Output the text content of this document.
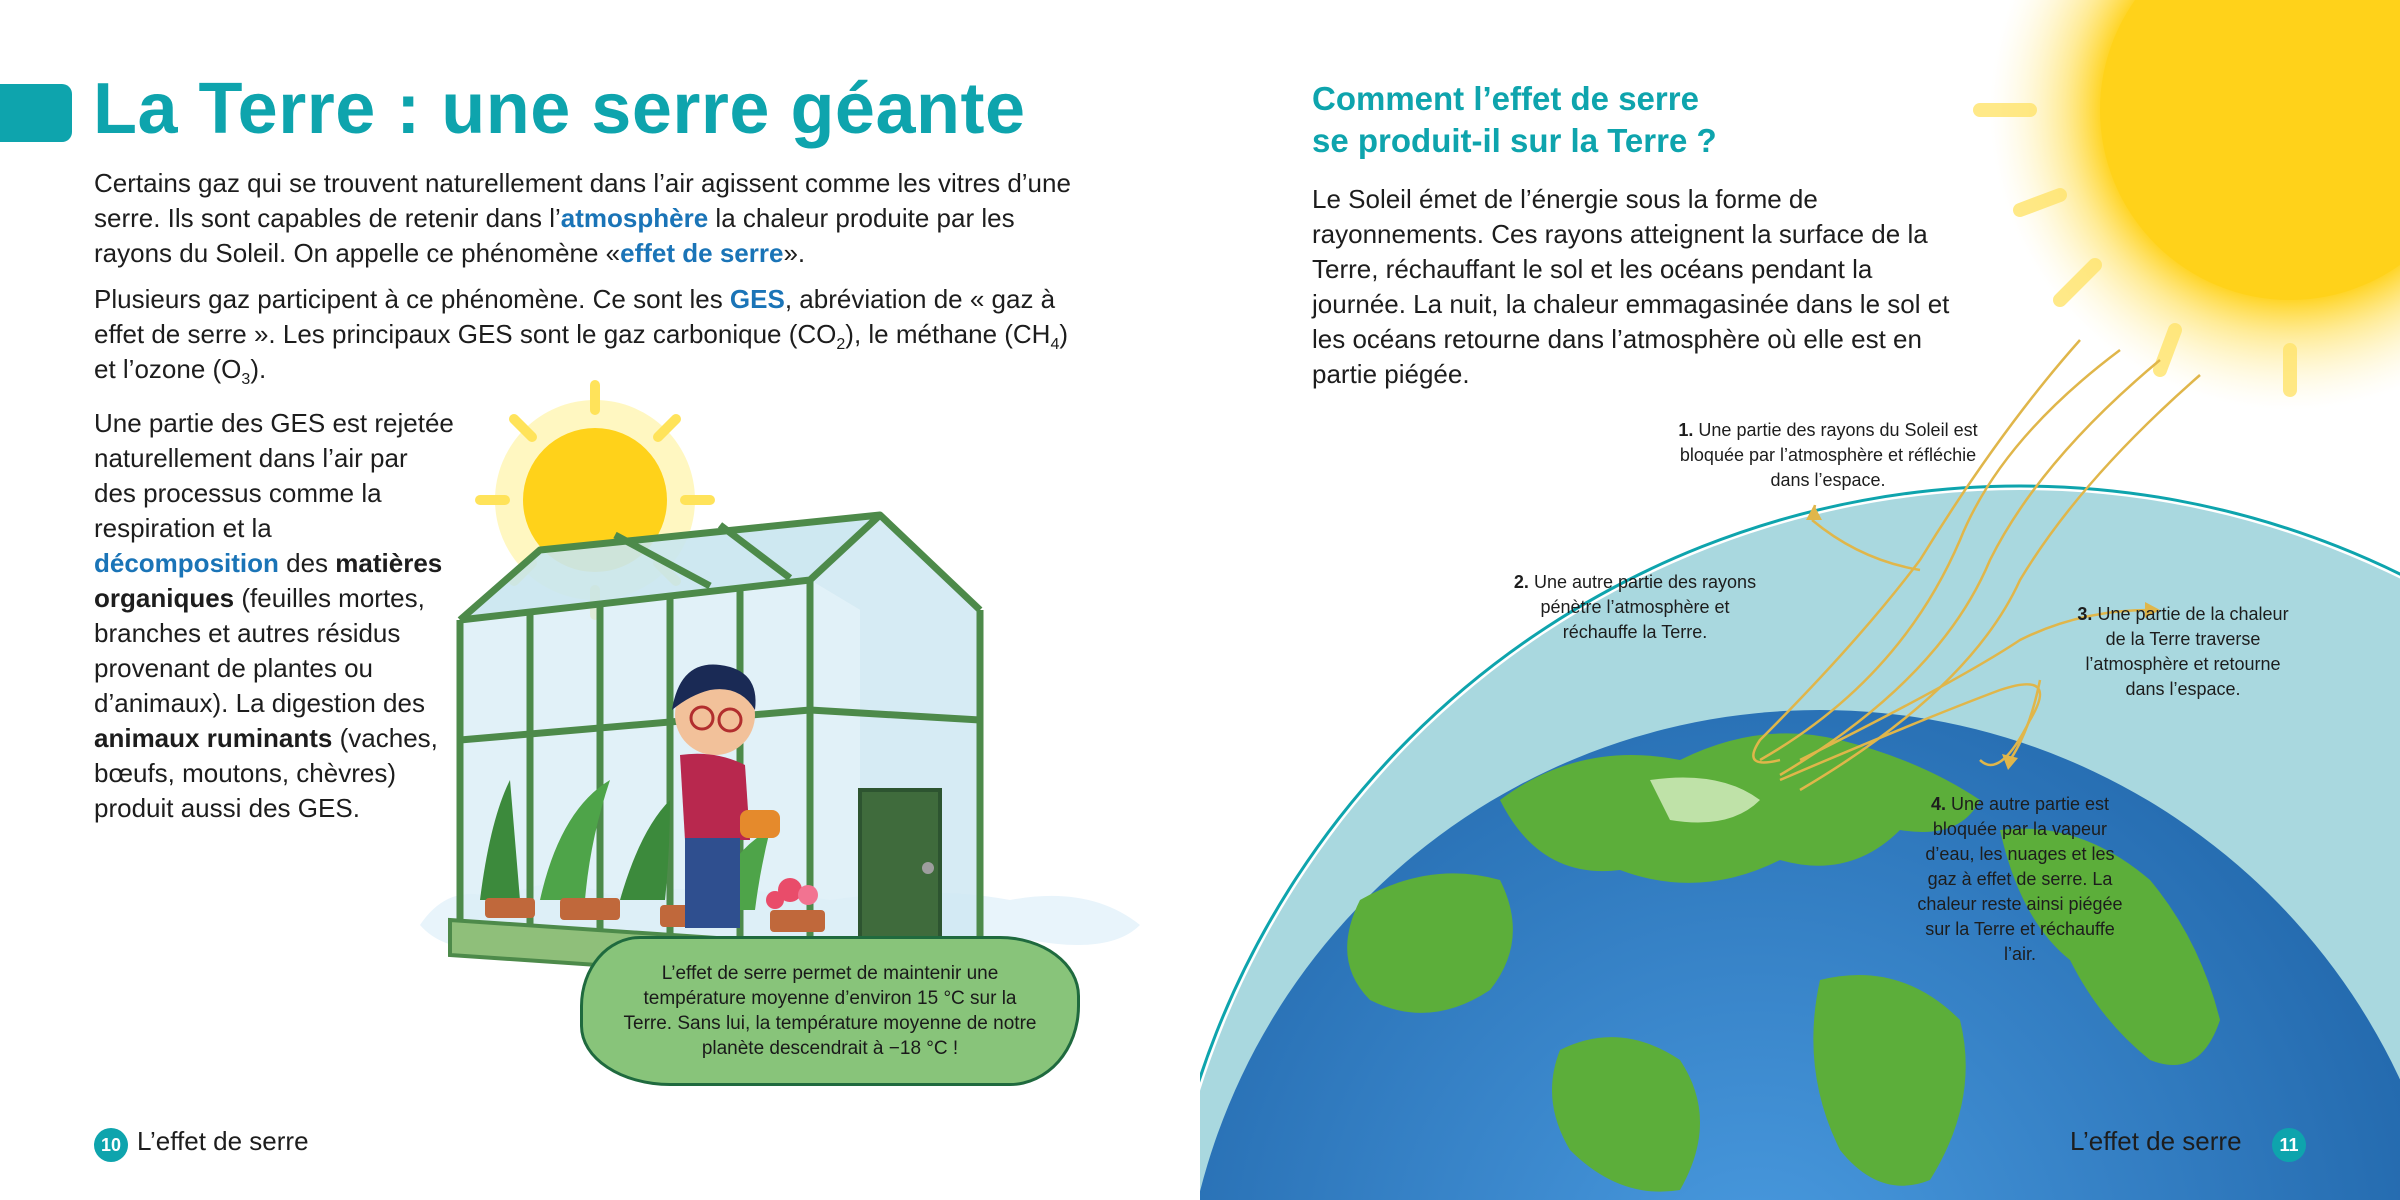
La Terre : une serre géante

Certains gaz qui se trouvent naturellement dans l’air agissent comme les vitres d’une serre. Ils sont capables de retenir dans l’atmosphère la chaleur produite par les rayons du Soleil. On appelle ce phénomène «effet de serre».

Plusieurs gaz participent à ce phénomène. Ce sont les GES, abréviation de « gaz à effet de serre ». Les principaux GES sont le gaz carbonique $(CO_2)$, le méthane $(CH_4)$ et l’ozone $(O_3)$.

Une partie des GES est rejetée naturellement dans l’air par des processus comme la respiration et la décomposition des matières organiques (feuilles mortes, branches et autres résidus provenant de plantes ou d’animaux). La digestion des animaux ruminants (vaches, bœufs, moutons, chèvres) produit aussi des GES.

L’effet de serre permet de maintenir une température moyenne d’environ 15 °C sur la Terre. Sans lui, la température moyenne de notre planète descendrait à −18 °C !
10 L’effet de serre
Comment l’effet de serre
se produit-il sur la Terre ?

Le Soleil émet de l’énergie sous la forme de rayonnements. Ces rayons atteignent la surface de la Terre, réchauffant le sol et les océans pendant la journée. La nuit, la chaleur emmagasinée dans le sol et les océans retourne dans l’atmosphère où elle est en partie piégée.

1. Une partie des rayons du Soleil est bloquée par l’atmosphère et réfléchie dans l’espace.
2. Une autre partie des rayons pénètre l’atmosphère et réchauffe la Terre.
3. Une partie de la chaleur de la Terre traverse l’atmosphère et retourne dans l’espace.
4. Une autre partie est bloquée par la vapeur d’eau, les nuages et les gaz à effet de serre. La chaleur reste ainsi piégée sur la Terre et réchauffe l’air.
L’effet de serre	11
